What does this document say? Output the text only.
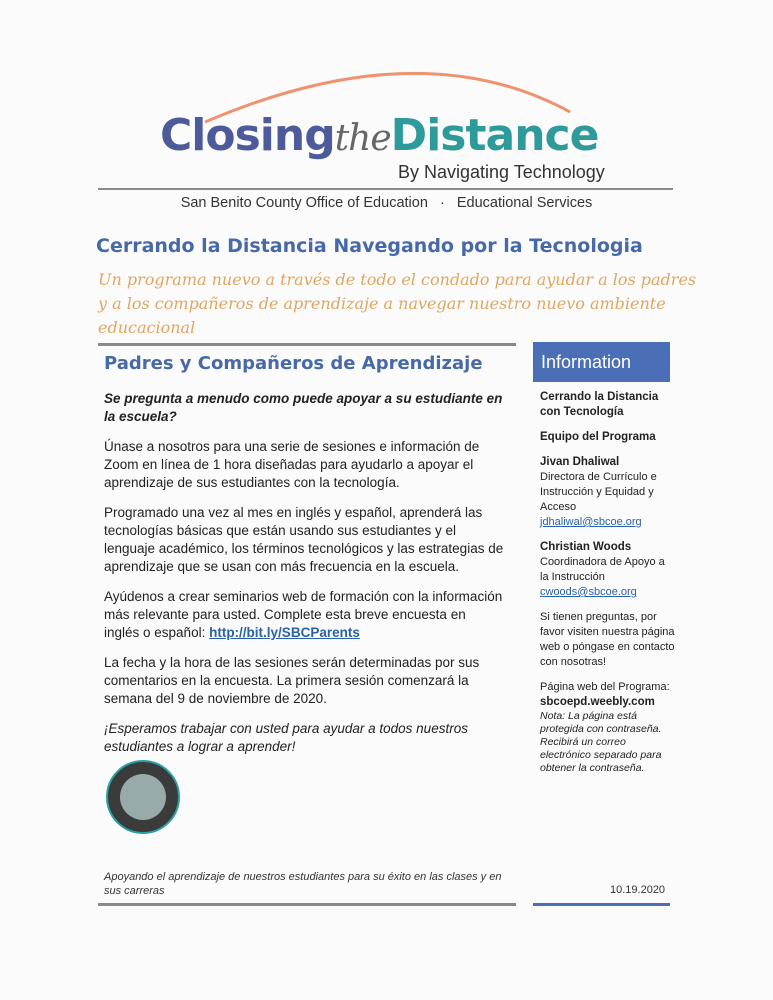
ClosingtheDistance
By Navigating Technology
San Benito County Office of Education   ·   Educational Services
Cerrando la Distancia Navegando por la Tecnologia
Un programa nuevo a través de todo el condado para ayudar a los padres y a los compañeros de aprendizaje a navegar nuestro nuevo ambiente educacional
Padres y Compañeros de Aprendizaje

Se pregunta a menudo como puede apoyar a su estudiante en la escuela?

Únase a nosotros para una serie de sesiones e información de Zoom en línea de 1 hora diseñadas para ayudarlo a apoyar el aprendizaje de sus estudiantes con la tecnología.

Programado una vez al mes en inglés y español, aprenderá las tecnologías básicas que están usando sus estudiantes y el lenguaje académico, los términos tecnológicos y las estrategias de aprendizaje que se usan con más frecuencia en la escuela.

Ayúdenos a crear seminarios web de formación con la información más relevante para usted. Complete esta breve encuesta en inglés o español: http://bit.ly/SBCParents

La fecha y la hora de las sesiones serán determinadas por sus comentarios en la encuesta. La primera sesión comenzará la semana del 9 de noviembre de 2020.

¡Esperamos trabajar con usted para ayudar a todos nuestros estudiantes a lograr a aprender!

Information

Cerrando la Distancia con Tecnología

Equipo del Programa

Jivan Dhaliwal
Directora de Currículo e Instrucción y Equidad y Acceso
jdhaliwal@sbcoe.org

Christian Woods
Coordinadora de Apoyo a la Instrucción
cwoods@sbcoe.org

Si tienen preguntas, por favor visiten nuestra página web o póngase en contacto con nosotras!

Página web del Programa:
sbcoepd.weebly.com
Nota: La página está protegida con contraseña. Recibirá un correo electrónico separado para obtener la contraseña.
Apoyando el aprendizaje de nuestros estudiantes para su éxito en las clases y en sus carreras	10.19.2020
